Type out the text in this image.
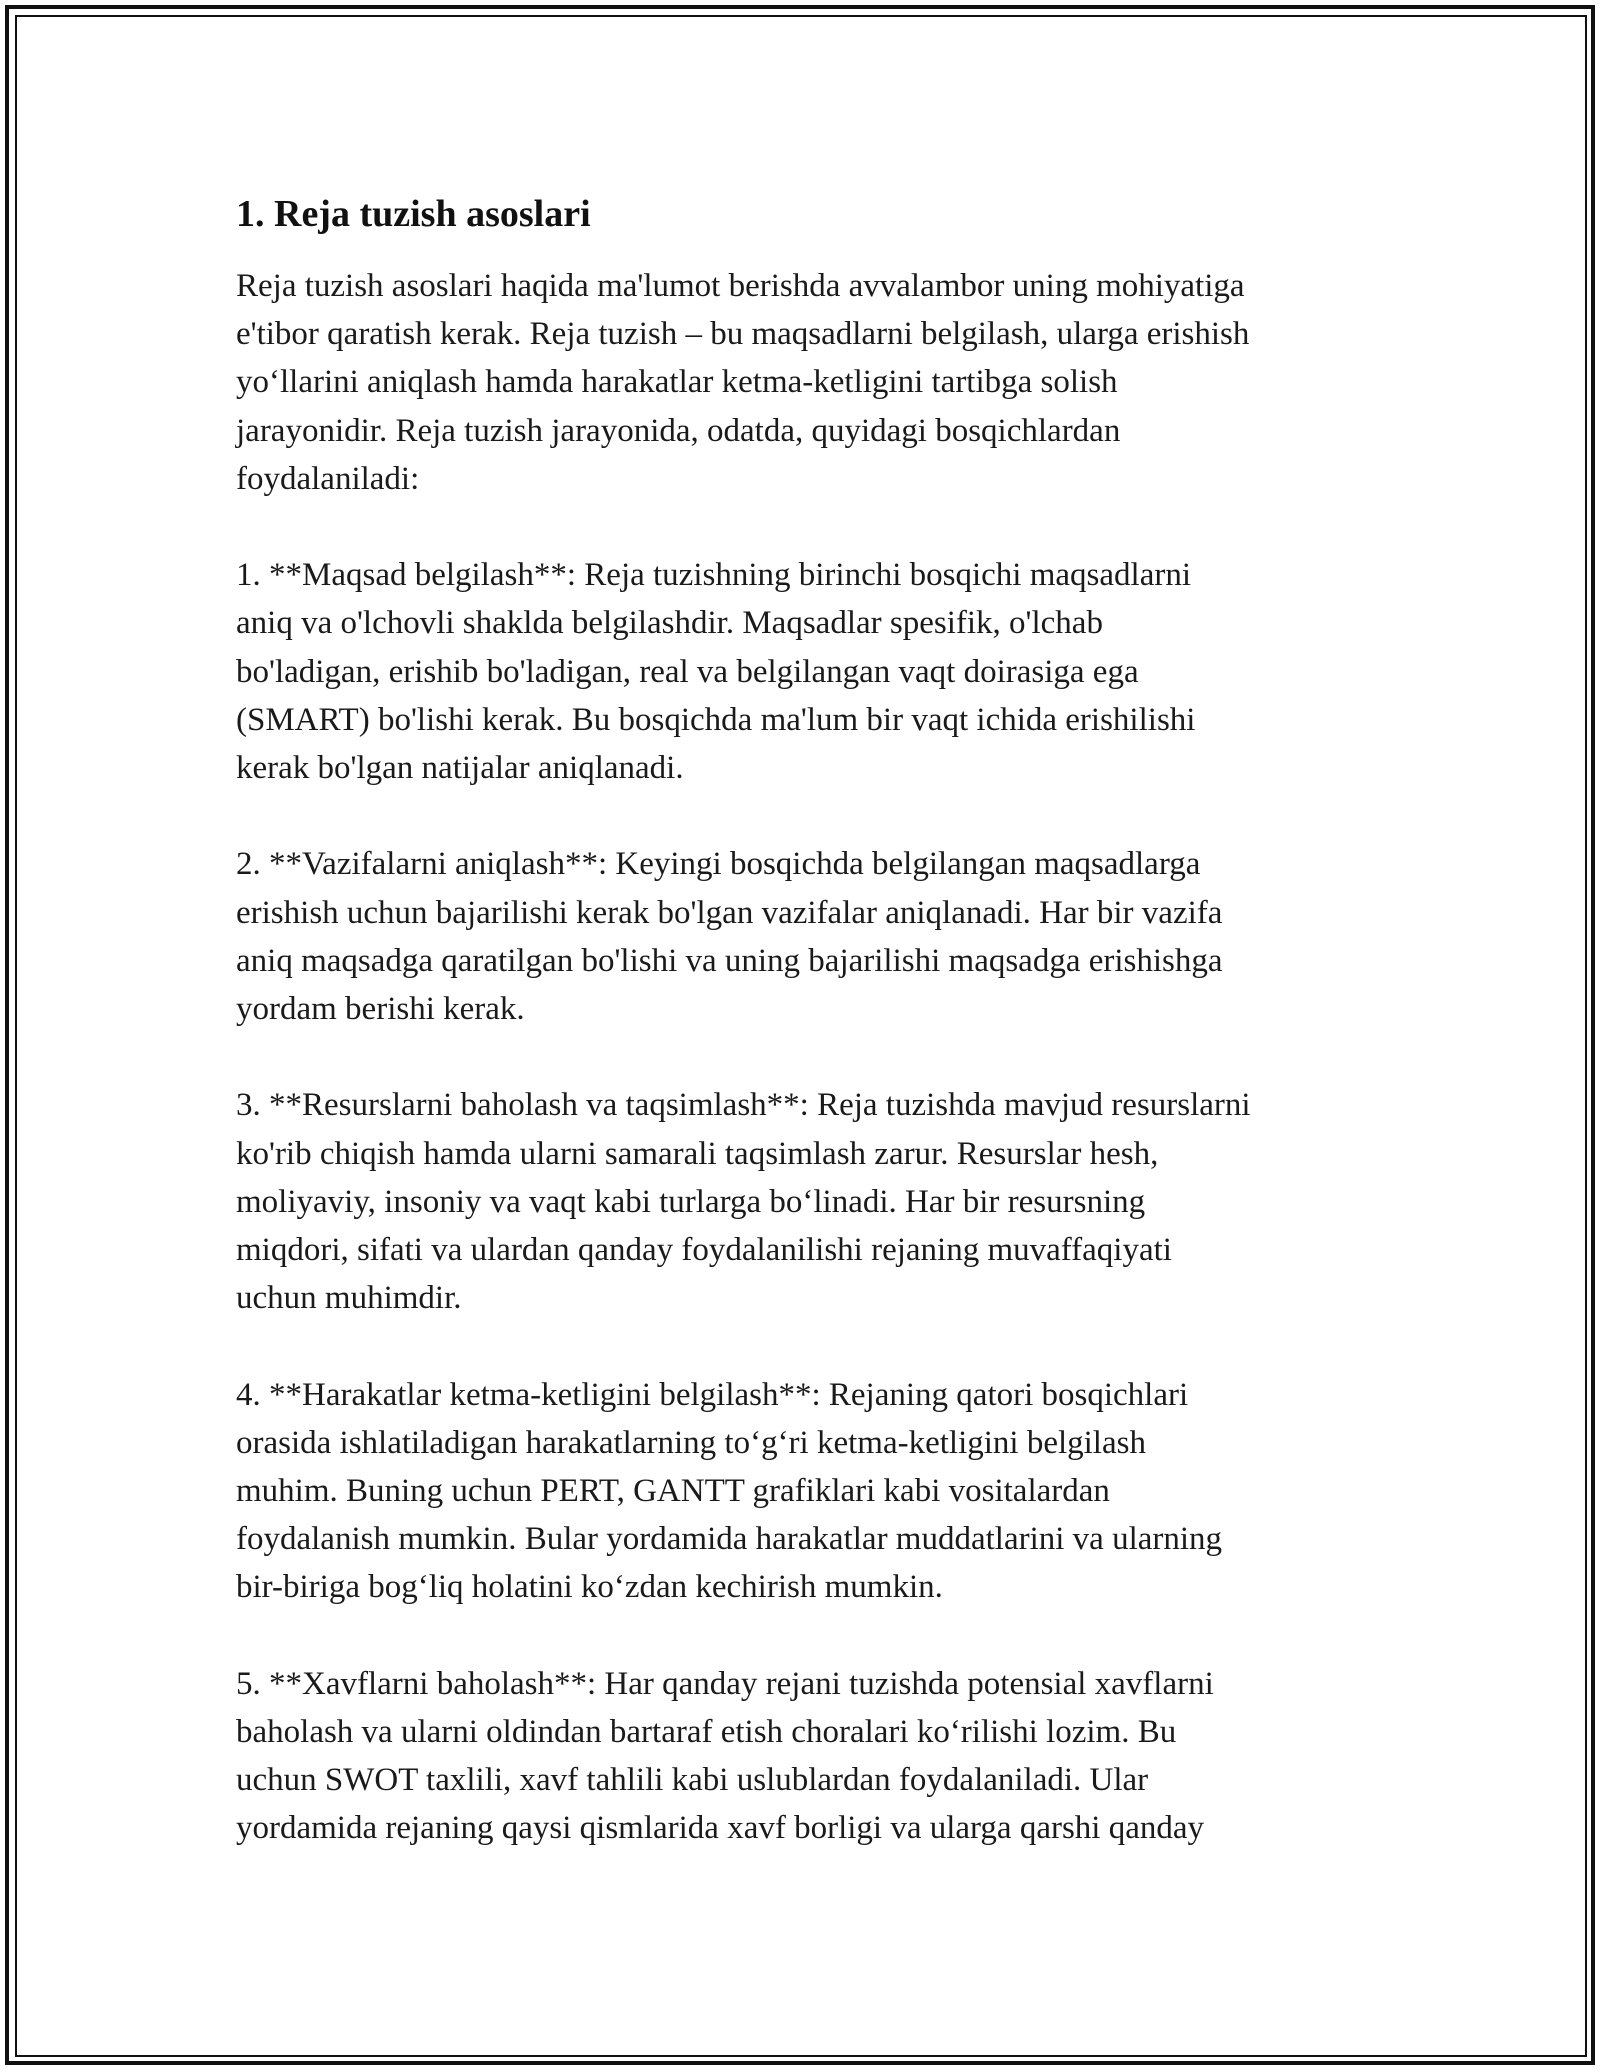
1. Reja tuzish asoslari
Reja tuzish asoslari haqida ma'lumot berishda avvalambor uning mohiyatiga
e'tibor qaratish kerak. Reja tuzish – bu maqsadlarni belgilash, ularga erishish
yo‘llarini aniqlash hamda harakatlar ketma-ketligini tartibga solish
jarayonidir. Reja tuzish jarayonida, odatda, quyidagi bosqichlardan
foydalaniladi:
1. **Maqsad belgilash**: Reja tuzishning birinchi bosqichi maqsadlarni
aniq va o'lchovli shaklda belgilashdir. Maqsadlar spesifik, o'lchab
bo'ladigan, erishib bo'ladigan, real va belgilangan vaqt doirasiga ega
(SMART) bo'lishi kerak. Bu bosqichda ma'lum bir vaqt ichida erishilishi
kerak bo'lgan natijalar aniqlanadi.
2. **Vazifalarni aniqlash**: Keyingi bosqichda belgilangan maqsadlarga
erishish uchun bajarilishi kerak bo'lgan vazifalar aniqlanadi. Har bir vazifa
aniq maqsadga qaratilgan bo'lishi va uning bajarilishi maqsadga erishishga
yordam berishi kerak.
3. **Resurslarni baholash va taqsimlash**: Reja tuzishda mavjud resurslarni
ko'rib chiqish hamda ularni samarali taqsimlash zarur. Resurslar hesh,
moliyaviy, insoniy va vaqt kabi turlarga bo‘linadi. Har bir resursning
miqdori, sifati va ulardan qanday foydalanilishi rejaning muvaffaqiyati
uchun muhimdir.
4. **Harakatlar ketma-ketligini belgilash**: Rejaning qatori bosqichlari
orasida ishlatiladigan harakatlarning to‘g‘ri ketma-ketligini belgilash
muhim. Buning uchun PERT, GANTT grafiklari kabi vositalardan
foydalanish mumkin. Bular yordamida harakatlar muddatlarini va ularning
bir-biriga bog‘liq holatini ko‘zdan kechirish mumkin.
5. **Xavflarni baholash**: Har qanday rejani tuzishda potensial xavflarni
baholash va ularni oldindan bartaraf etish choralari ko‘rilishi lozim. Bu
uchun SWOT taxlili, xavf tahlili kabi uslublardan foydalaniladi. Ular
yordamida rejaning qaysi qismlarida xavf borligi va ularga qarshi qanday
